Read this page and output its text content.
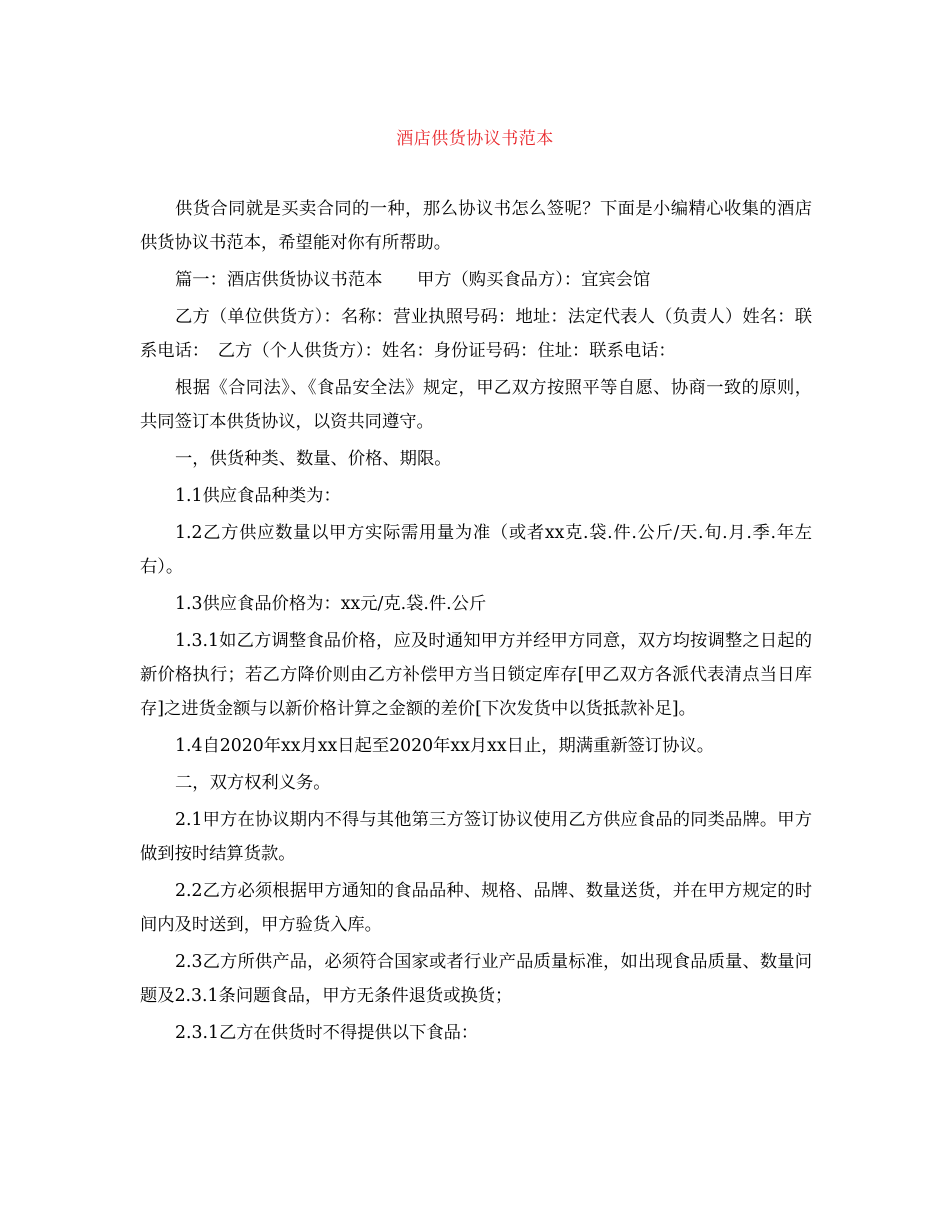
酒店供货协议书范本

供货合同就是买卖合同的一种，那么协议书怎么签呢？下面是小编精心收集的酒店供货协议书范本，希望能对你有所帮助。

篇一：酒店供货协议书范本　　甲方（购买食品方）：宜宾会馆

乙方（单位供货方）：名称：营业执照号码：地址：法定代表人（负责人）姓名：联系电话：　乙方（个人供货方）：姓名：身份证号码：住址：联系电话：

根据《合同法》、《食品安全法》规定，甲乙双方按照平等自愿、协商一致的原则，共同签订本供货协议，以资共同遵守。

一，供货种类、数量、价格、期限。

1.1供应食品种类为：

1.2乙方供应数量以甲方实际需用量为准（或者xx克.袋.件.公斤/天.旬.月.季.年左右）。

1.3供应食品价格为：xx元/克.袋.件.公斤

1.3.1如乙方调整食品价格，应及时通知甲方并经甲方同意，双方均按调整之日起的新价格执行；若乙方降价则由乙方补偿甲方当日锁定库存[甲乙双方各派代表清点当日库存]之进货金额与以新价格计算之金额的差价[下次发货中以货抵款补足]。

1.4自2020年xx月xx日起至2020年xx月xx日止，期满重新签订协议。

二，双方权利义务。

2.1甲方在协议期内不得与其他第三方签订协议使用乙方供应食品的同类品牌。甲方做到按时结算货款。

2.2乙方必须根据甲方通知的食品品种、规格、品牌、数量送货，并在甲方规定的时间内及时送到，甲方验货入库。

2.3乙方所供产品，必须符合国家或者行业产品质量标准，如出现食品质量、数量问题及2.3.1条问题食品，甲方无条件退货或换货；

2.3.1乙方在供货时不得提供以下食品：
